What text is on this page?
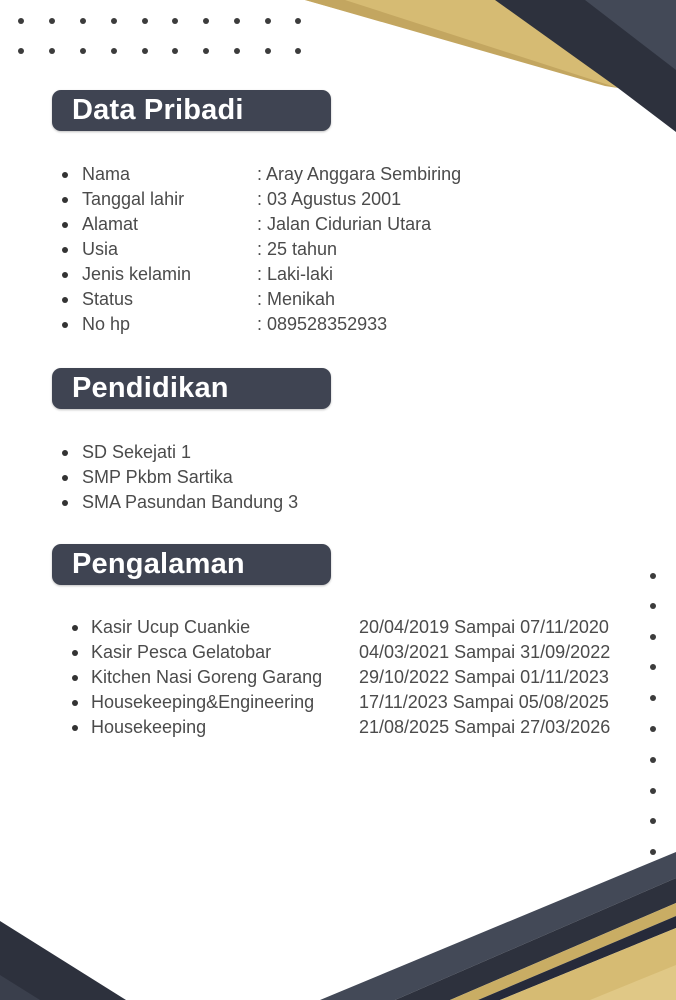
Data Pribadi
Nama	: Aray Anggara Sembiring
Tanggal lahir	: 03 Agustus 2001
Alamat	: Jalan Cidurian Utara
Usia	: 25 tahun
Jenis kelamin	: Laki-laki
Status	: Menikah
No hp	: 089528352933
Pendidikan
SD Sekejati 1
SMP Pkbm Sartika
SMA Pasundan Bandung 3
Pengalaman
Kasir Ucup Cuankie	20/04/2019 Sampai 07/11/2020
Kasir Pesca Gelatobar	04/03/2021 Sampai 31/09/2022
Kitchen Nasi Goreng Garang 29/10/2022 Sampai 01/11/2023
Housekeeping&Engineering 17/11/2023 Sampai 05/08/2025
Housekeeping	21/08/2025 Sampai 27/03/2026
